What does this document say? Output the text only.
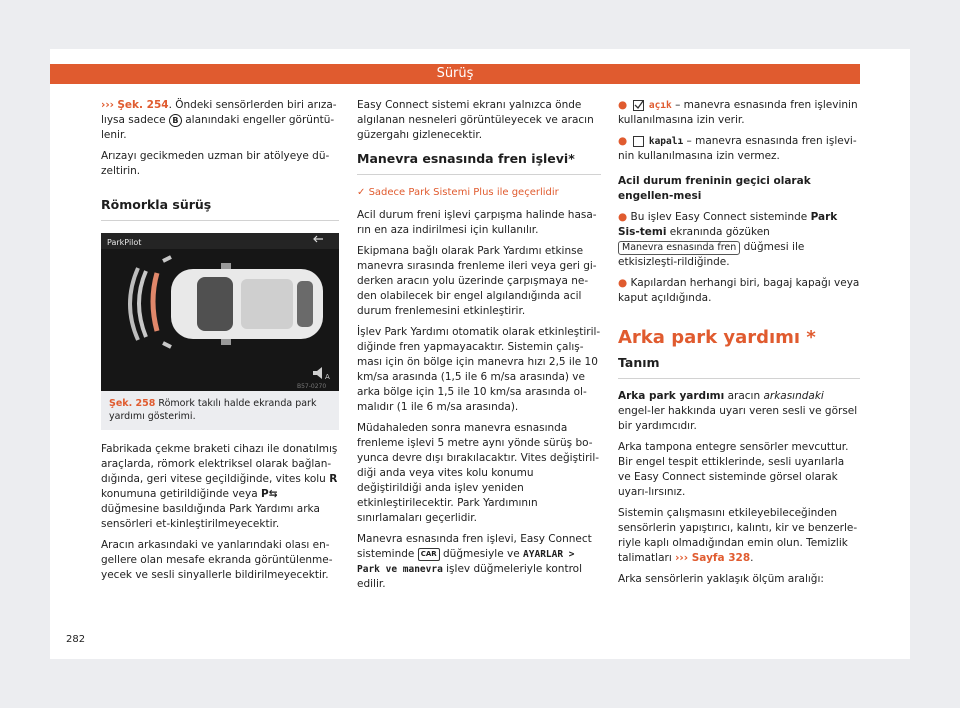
Sürüş

››› Şek. 254. Öndeki sensörlerden biri arıza-lıysa sadece B alanındaki engeller görüntü-lenir.

Arızayı gecikmeden uzman bir atölyeye dü-zeltirin.

Römorkla sürüş
ParkPilot
A
B57-0270
Şek. 258 Römork takılı halde ekranda park yardımı gösterimi.

Fabrikada çekme braketi cihazı ile donatılmış araçlarda, römork elektriksel olarak bağlan-dığında, geri vitese geçildiğinde, vites kolu R konumuna getirildiğinde veya P⇆ düğmesine basıldığında Park Yardımı arka sensörleri et-kinleştirilmeyecektir.

Aracın arkasındaki ve yanlarındaki olası en-gellere olan mesafe ekranda görüntülenme-yecek ve sesli sinyallerle bildirilmeyecektir.

Easy Connect sistemi ekranı yalnızca önde algılanan nesneleri görüntüleyecek ve aracın güzergahı gizlenecektir.

Manevra esnasında fren işlevi*
✓ Sadece Park Sistemi Plus ile geçerlidir

Acil durum freni işlevi çarpışma halinde hasa-rın en aza indirilmesi için kullanılır.

Ekipmana bağlı olarak Park Yardımı etkinse manevra sırasında frenleme ileri veya geri gi-derken aracın yolu üzerinde çarpışmaya ne-den olabilecek bir engel algılandığında acil durum frenlemesini etkinleştirir.

İşlev Park Yardımı otomatik olarak etkinleştiril-diğinde fren yapmayacaktır. Sistemin çalış-ması için ön bölge için manevra hızı 2,5 ile 10 km/sa arasında (1,5 ile 6 m/sa arasında) ve arka bölge için 1,5 ile 10 km/sa arasında ol-malıdır (1 ile 6 m/sa arasında).

Müdahaleden sonra manevra esnasında frenleme işlevi 5 metre aynı yönde sürüş bo-yunca devre dışı bırakılacaktır. Vites değiştiril-diği anda veya vites kolu konumu değiştirildiği anda işlev yeniden etkinleştirilecektir. Park Yardımının sınırlamaları geçerlidir.

Manevra esnasında fren işlevi, Easy Connect sisteminde CAR düğmesiyle ve AYARLAR > Park ve manevra işlev düğmeleriyle kontrol edilir.

● açık – manevra esnasında fren işlevinin kullanılmasına izin verir.

● kapalı – manevra esnasında fren işlevi-nin kullanılmasına izin vermez.

Acil durum freninin geçici olarak engellen-mesi

● Bu işlev Easy Connect sisteminde Park Sis-temi ekranında gözüken Manevra esnasında fren düğmesi ile etkisizleşti-rildiğinde.

● Kapılardan herhangi biri, bagaj kapağı veya kaput açıldığında.

Arka park yardımı *
Tanım

Arka park yardımı aracın arkasındaki engel-ler hakkında uyarı veren sesli ve görsel bir yardımcıdır.

Arka tampona entegre sensörler mevcuttur. Bir engel tespit ettiklerinde, sesli uyarılarla ve Easy Connect sisteminde görsel olarak uyarı-lırsınız.

Sistemin çalışmasını etkileyebileceğinden sensörlerin yapıştırıcı, kalıntı, kir ve benzerle-riyle kaplı olmadığından emin olun. Temizlik talimatları ››› Sayfa 328.

Arka sensörlerin yaklaşık ölçüm aralığı:

282
